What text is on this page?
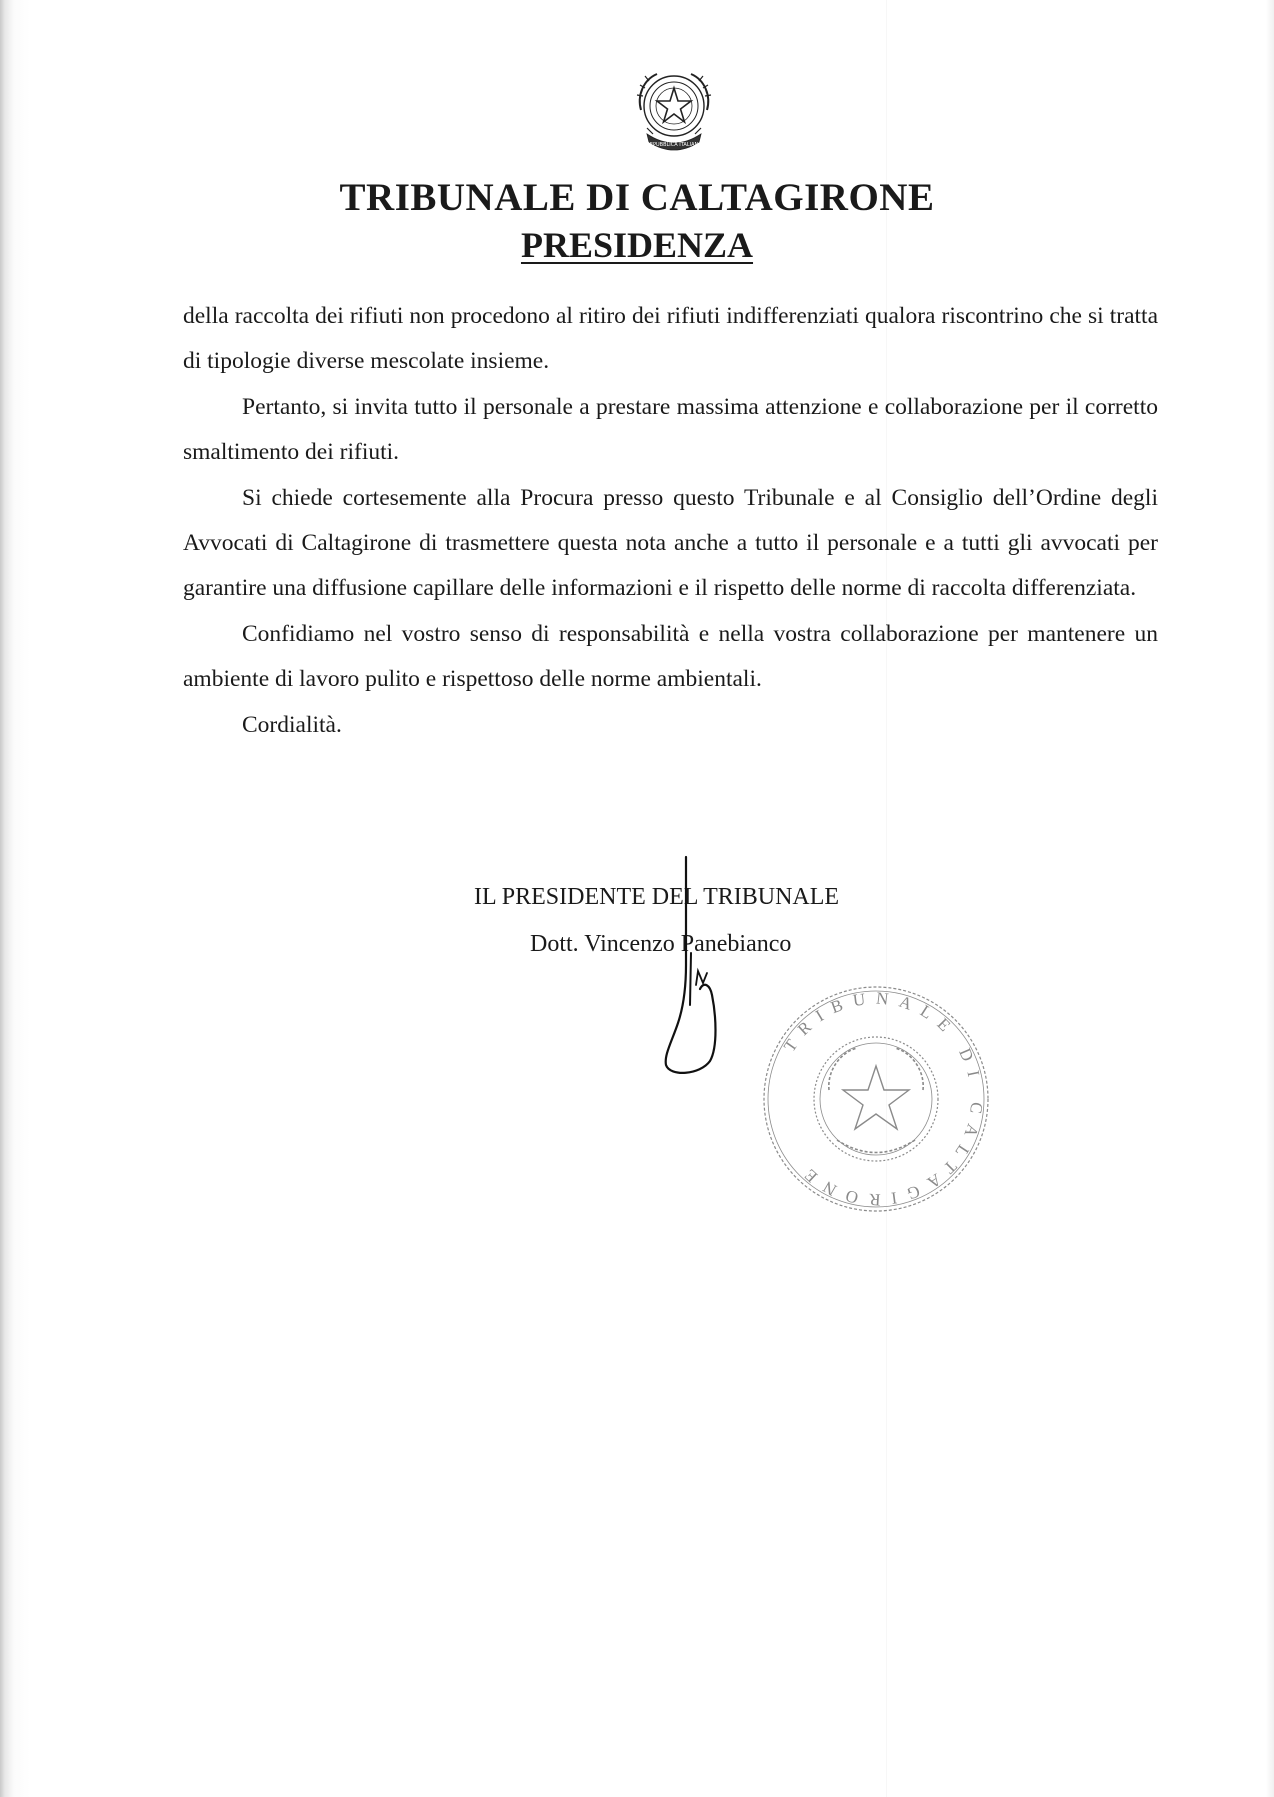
REPUBBLICA ITALIANA
TRIBUNALE DI CALTAGIRONE
PRESIDENZA

della raccolta dei rifiuti non procedono al ritiro dei rifiuti indifferenziati qualora riscontrino che si tratta di tipologie diverse mescolate insieme.

Pertanto, si invita tutto il personale a prestare massima attenzione e collaborazione per il corretto smaltimento dei rifiuti.

Si chiede cortesemente alla Procura presso questo Tribunale e al Consiglio dell’Ordine degli Avvocati di Caltagirone di trasmettere questa nota anche a tutto il personale e a tutti gli avvocati per garantire una diffusione capillare delle informazioni e il rispetto delle norme di raccolta differenziata.

Confidiamo nel vostro senso di responsabilità e nella vostra collaborazione per mantenere un ambiente di lavoro pulito e rispettoso delle norme ambientali.

Cordialità.

IL PRESIDENTE DEL TRIBUNALE
Dott. Vincenzo Panebianco
TRIBUNALE DI CALTAGIRONE
